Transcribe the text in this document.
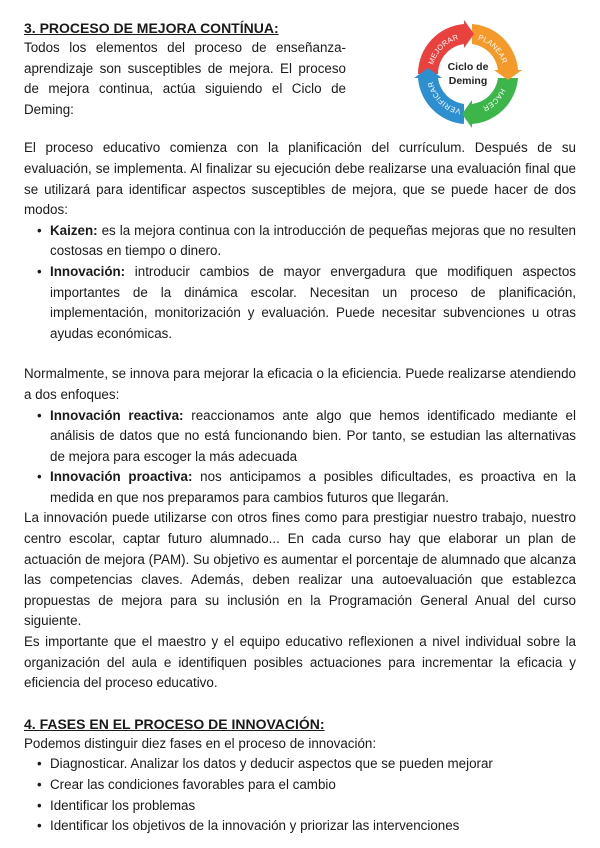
3. PROCESO DE MEJORA CONTÍNUA:

Todos los elementos del proceso de enseñanza-aprendizaje son susceptibles de mejora. El proceso de mejora continua, actúa siguiendo el Ciclo de Deming:

El proceso educativo comienza con la planificación del currículum. Después de su evaluación, se implementa. Al finalizar su ejecución debe realizarse una evaluación final que se utilizará para identificar aspectos susceptibles de mejora, que se puede hacer de dos modos:

• Kaizen: es la mejora continua con la introducción de pequeñas mejoras que no resulten costosas en tiempo o dinero.
• Innovación: introducir cambios de mayor envergadura que modifiquen aspectos importantes de la dinámica escolar. Necesitan un proceso de planificación, implementación, monitorización y evaluación. Puede necesitar subvenciones u otras ayudas económicas.

Normalmente, se innova para mejorar la eficacia o la eficiencia. Puede realizarse atendiendo a dos enfoques:

• Innovación reactiva: reaccionamos ante algo que hemos identificado mediante el análisis de datos que no está funcionando bien. Por tanto, se estudian las alternativas de mejora para escoger la más adecuada
• Innovación proactiva: nos anticipamos a posibles dificultades, es proactiva en la medida en que nos preparamos para cambios futuros que llegarán.

La innovación puede utilizarse con otros fines como para prestigiar nuestro trabajo, nuestro centro escolar, captar futuro alumnado... En cada curso hay que elaborar un plan de actuación de mejora (PAM). Su objetivo es aumentar el porcentaje de alumnado que alcanza las competencias claves. Además, deben realizar una autoevaluación que establezca propuestas de mejora para su inclusión en la Programación General Anual del curso siguiente.

Es importante que el maestro y el equipo educativo reflexionen a nivel individual sobre la organización del aula e identifiquen posibles actuaciones para incrementar la eficacia y eficiencia del proceso educativo.

4. FASES EN EL PROCESO DE INNOVACIÓN:

Podemos distinguir diez fases en el proceso de innovación:

• Diagnosticar. Analizar los datos y deducir aspectos que se pueden mejorar
• Crear las condiciones favorables para el cambio
• Identificar los problemas
• Identificar los objetivos de la innovación y priorizar las intervenciones
MEJORAR PLANEAR
HACER
VERIFICAR
Ciclo de
Deming
